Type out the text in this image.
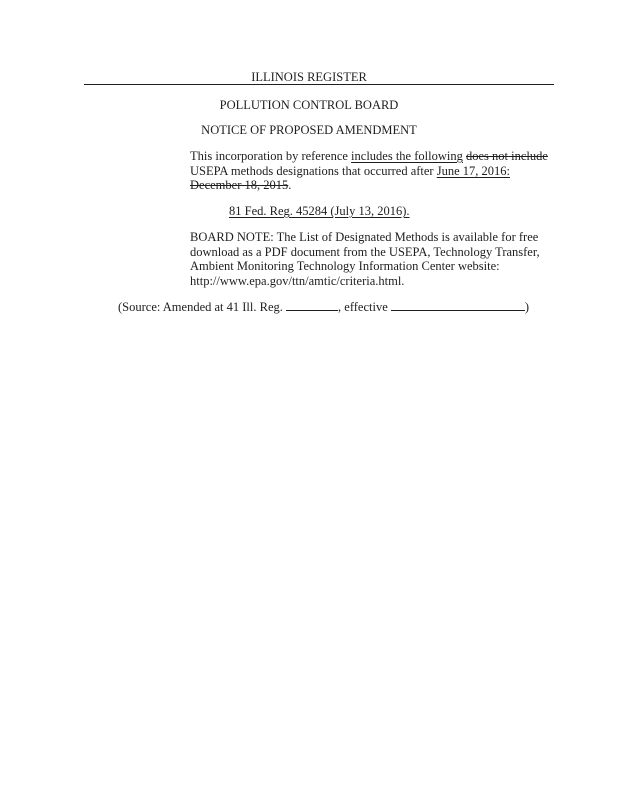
ILLINOIS REGISTER
POLLUTION CONTROL BOARD
NOTICE OF PROPOSED AMENDMENT
This incorporation by reference includes the following does not include
USEPA methods designations that occurred after June 17, 2016:
December 18, 2015.
81 Fed. Reg. 45284 (July 13, 2016).
BOARD NOTE: The List of Designated Methods is available for free
download as a PDF document from the USEPA, Technology Transfer,
Ambient Monitoring Technology Information Center website:
http://www.epa.gov/ttn/amtic/criteria.html.
(Source: Amended at 41 Ill. Reg.	, effective	)
